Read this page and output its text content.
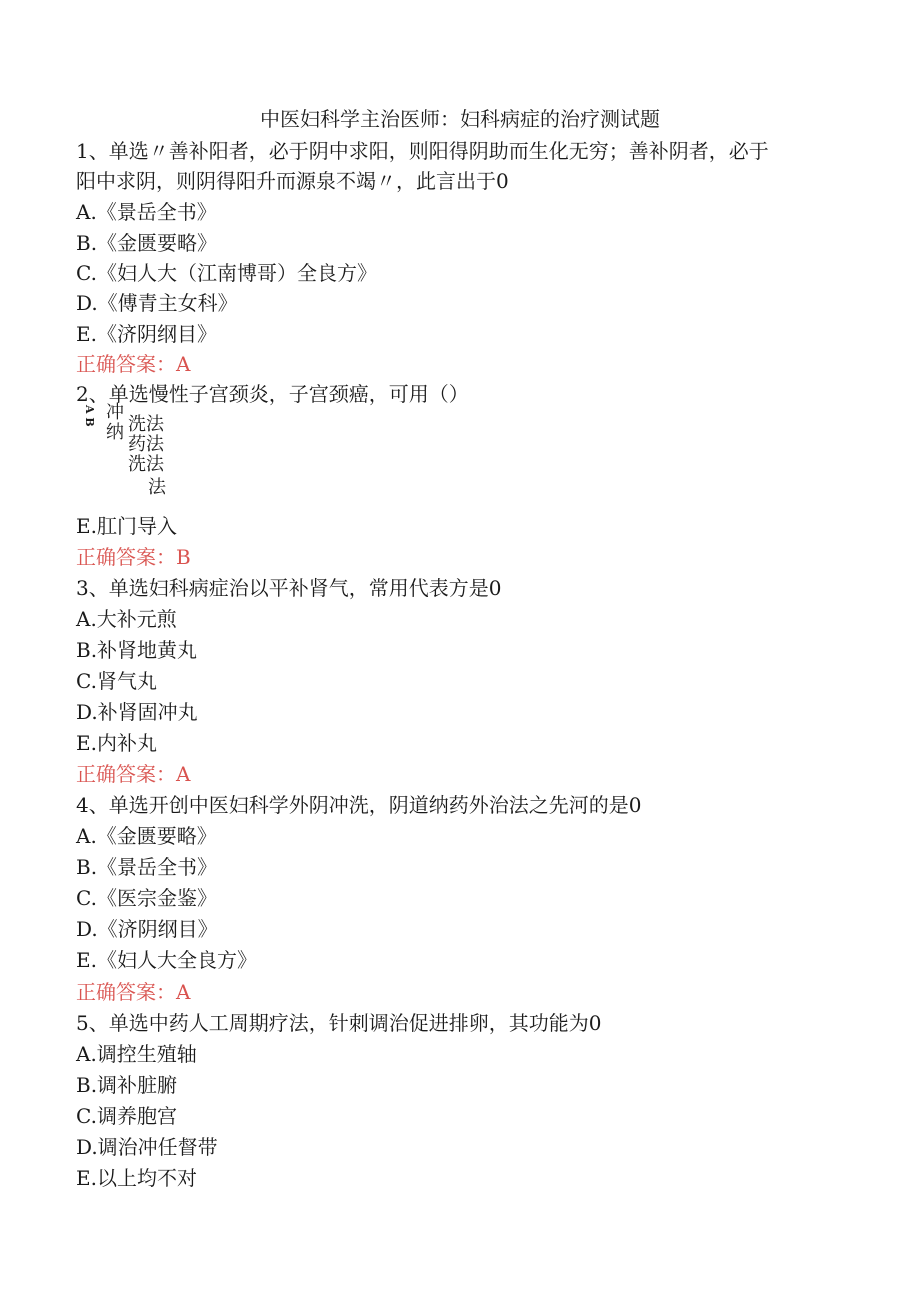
中医妇科学主治医师：妇科病症的治疗测试题
1、单选〃善补阳者，必于阴中求阳，则阳得阴助而生化无穷；善补阴者，必于
阳中求阴，则阴得阳升而源泉不竭〃，此言出于0
A.《景岳全书》
B.《金匮要略》
C.《妇人大（江南博哥）全良方》
D.《傅青主女科》
E.《济阴纲目》
正确答案：A
2、单选慢性子宫颈炎，子宫颈癌，可用（）
A B 冲
纳 洗法
药法
洗法
法
E.肛门导入
正确答案：B
3、单选妇科病症治以平补肾气，常用代表方是0
A.大补元煎
B.补肾地黄丸
C.肾气丸
D.补肾固冲丸
E.内补丸
正确答案：A
4、单选开创中医妇科学外阴冲洗，阴道纳药外治法之先河的是0
A.《金匮要略》
B.《景岳全书》
C.《医宗金鉴》
D.《济阴纲目》
E.《妇人大全良方》
正确答案：A
5、单选中药人工周期疗法，针刺调治促进排卵，其功能为0
A.调控生殖轴
B.调补脏腑
C.调养胞宫
D.调治冲任督带
E.以上均不对
